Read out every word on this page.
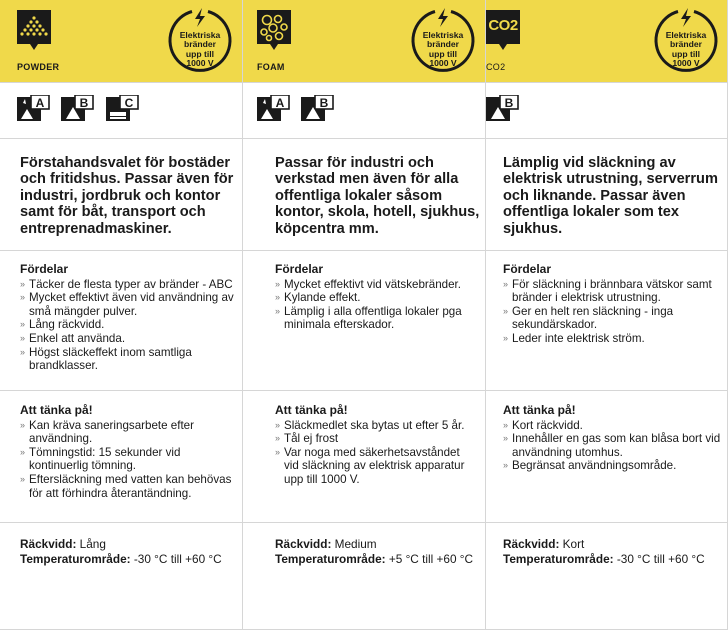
POWDER
Elektriska
bränder
upp till
1000 V
A
	B
	C
Förstahandsvalet för bostäder och fritidshus. Passar även för industri, jordbruk och kontor samt för båt, transport och entreprenadmaskiner.
Fördelar
» Täcker de flesta typer av bränder - ABC
» Mycket effektivt även vid användning av små mängder pulver.
» Lång räckvidd.
» Enkel att använda.
» Högst släckeffekt inom samtliga brandklasser.
Att tänka på!
» Kan kräva saneringsarbete efter användning.
» Tömningstid: 15 sekunder vid kontinuerlig tömning.
» Eftersläckning med vatten kan behövas för att förhindra återantändning.
Räckvidd: Lång
Temperaturområde: -30 °C till +60 °C
FOAM
Elektriska
bränder
upp till
1000 V
A
	B
Passar för industri och verkstad men även för alla offentliga lokaler såsom kontor, skola, hotell, sjukhus, köpcentra mm.
Fördelar
» Mycket effektivt vid vätskebränder.
» Kylande effekt.
» Lämplig i alla offentliga lokaler pga minimala efterskador.
Att tänka på!
» Släckmedlet ska bytas ut efter 5 år.
» Tål ej frost
» Var noga med säkerhetsavståndet vid släckning av elektrisk apparatur upp till 1000 V.
Räckvidd: Medium
Temperaturområde: +5 °C till +60 °C
CO2
CO2
Elektriska
bränder
upp till
1000 V
B
Lämplig vid släckning av elektrisk utrustning, serverrum och liknande. Passar även offentliga lokaler som tex sjukhus.
Fördelar
» För släckning i brännbara vätskor samt bränder i elektrisk utrustning.
» Ger en helt ren släckning - inga sekundärskador.
» Leder inte elektrisk ström.
Att tänka på!
» Kort räckvidd.
» Innehåller en gas som kan blåsa bort vid användning utomhus.
» Begränsat användningsområde.
Räckvidd: Kort
Temperaturområde: -30 °C till +60 °C
